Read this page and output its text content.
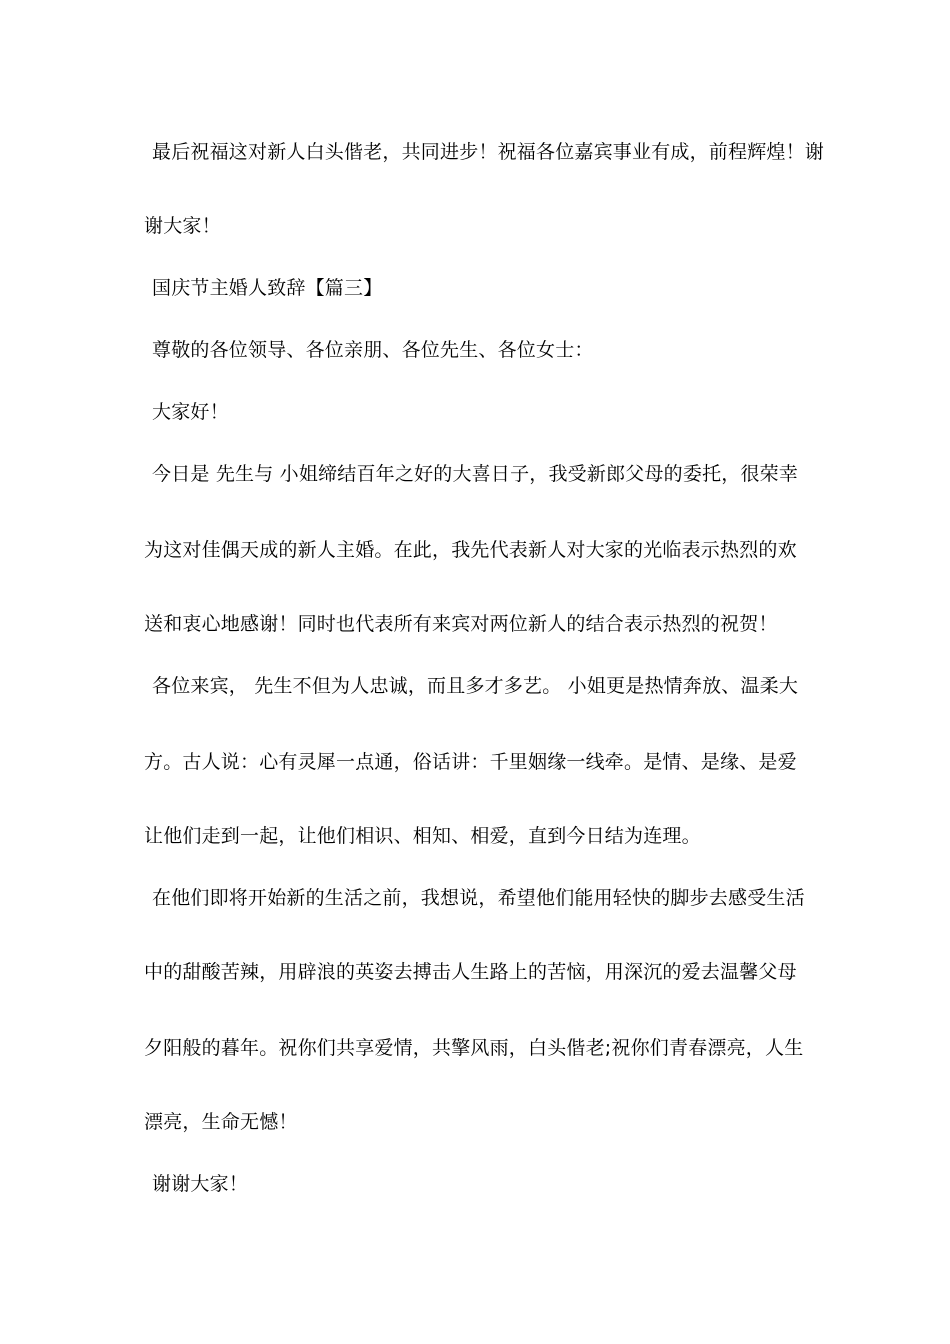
最后祝福这对新人白头偕老，共同进步！祝福各位嘉宾事业有成，前程辉煌！谢

谢大家！

国庆节主婚人致辞【篇三】

尊敬的各位领导、各位亲朋、各位先生、各位女士：

大家好！

今日是 先生与 小姐缔结百年之好的大喜日子，我受新郎父母的委托，很荣幸

为这对佳偶天成的新人主婚。在此，我先代表新人对大家的光临表示热烈的欢

送和衷心地感谢！同时也代表所有来宾对两位新人的结合表示热烈的祝贺！

各位来宾， 先生不但为人忠诚，而且多才多艺。 小姐更是热情奔放、温柔大

方。古人说：心有灵犀一点通，俗话讲：千里姻缘一线牵。是情、是缘、是爱

让他们走到一起，让他们相识、相知、相爱，直到今日结为连理。

在他们即将开始新的生活之前，我想说，希望他们能用轻快的脚步去感受生活

中的甜酸苦辣，用辟浪的英姿去搏击人生路上的苦恼，用深沉的爱去温馨父母

夕阳般的暮年。祝你们共享爱情，共擎风雨，白头偕老;祝你们青春漂亮，人生

漂亮，生命无憾！

谢谢大家！
